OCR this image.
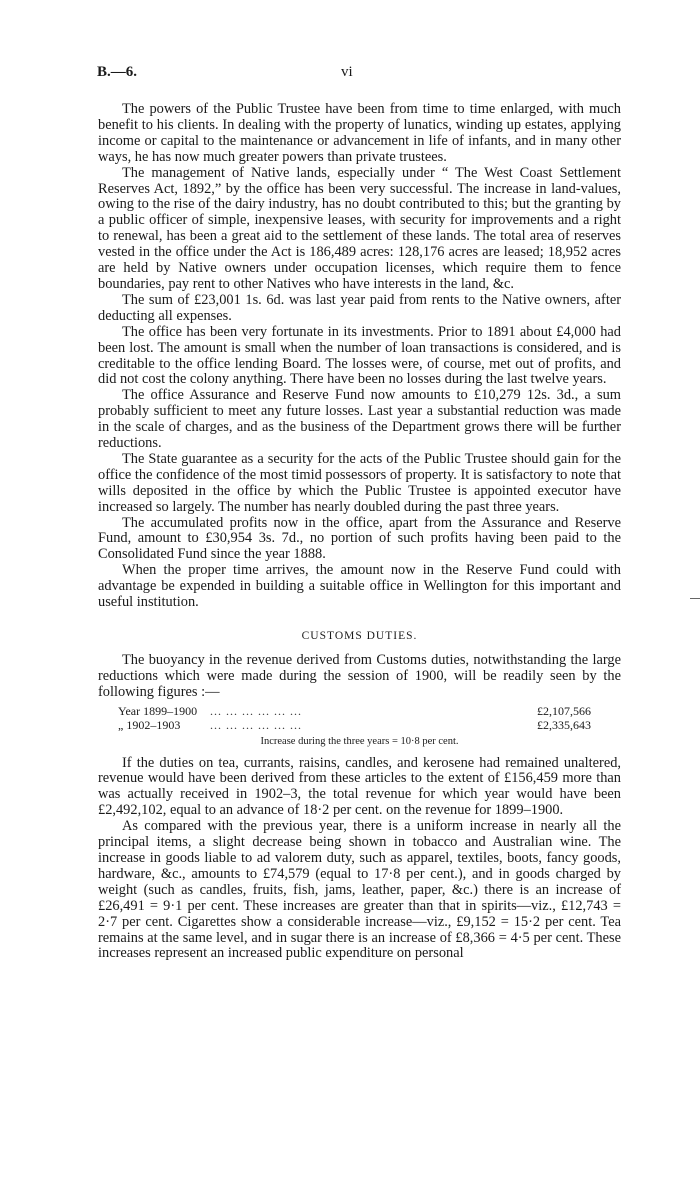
B.—6.	vi

The powers of the Public Trustee have been from time to time enlarged, with much benefit to his clients. In dealing with the property of lunatics, winding up estates, applying income or capital to the maintenance or advancement in life of infants, and in many other ways, he has now much greater powers than private trustees.

The management of Native lands, especially under “ The West Coast Settlement Reserves Act, 1892,” by the office has been very successful. The increase in land-values, owing to the rise of the dairy industry, has no doubt contributed to this; but the granting by a public officer of simple, inexpensive leases, with security for improvements and a right to renewal, has been a great aid to the settlement of these lands. The total area of reserves vested in the office under the Act is 186,489 acres: 128,176 acres are leased; 18,952 acres are held by Native owners under occupation licenses, which require them to fence boundaries, pay rent to other Natives who have interests in the land, &c.

The sum of £23,001 1s. 6d. was last year paid from rents to the Native owners, after deducting all expenses.

The office has been very fortunate in its investments. Prior to 1891 about £4,000 had been lost. The amount is small when the number of loan transactions is considered, and is creditable to the office lending Board. The losses were, of course, met out of profits, and did not cost the colony anything. There have been no losses during the last twelve years.

The office Assurance and Reserve Fund now amounts to £10,279 12s. 3d., a sum probably sufficient to meet any future losses. Last year a substantial reduction was made in the scale of charges, and as the business of the Department grows there will be further reductions.

The State guarantee as a security for the acts of the Public Trustee should gain for the office the confidence of the most timid possessors of property. It is satisfactory to note that wills deposited in the office by which the Public Trustee is appointed executor have increased so largely. The number has nearly doubled during the past three years.

The accumulated profits now in the office, apart from the Assurance and Reserve Fund, amount to £30,954 3s. 7d., no portion of such profits having been paid to the Consolidated Fund since the year 1888.

When the proper time arrives, the amount now in the Reserve Fund could with advantage be expended in building a suitable office in Wellington for this important and useful institution.

CUSTOMS DUTIES.

The buoyancy in the revenue derived from Customs duties, notwithstanding the large reductions which were made during the session of 1900, will be readily seen by the following figures :—

Year 1899–1900 ... ... ... ... ... ...	£2,107,566
„ 1902–1903 ... ... ... ... ... ...	£2,335,643
Increase during the three years = 10·8 per cent.

If the duties on tea, currants, raisins, candles, and kerosene had remained unaltered, revenue would have been derived from these articles to the extent of £156,459 more than was actually received in 1902–3, the total revenue for which year would have been £2,492,102, equal to an advance of 18·2 per cent. on the revenue for 1899–1900.

As compared with the previous year, there is a uniform increase in nearly all the principal items, a slight decrease being shown in tobacco and Australian wine. The increase in goods liable to ad valorem duty, such as apparel, textiles, boots, fancy goods, hardware, &c., amounts to £74,579 (equal to 17·8 per cent.), and in goods charged by weight (such as candles, fruits, fish, jams, leather, paper, &c.) there is an increase of £26,491 = 9·1 per cent. These increases are greater than that in spirits—viz., £12,743 = 2·7 per cent. Cigarettes show a considerable increase—viz., £9,152 = 15·2 per cent. Tea remains at the same level, and in sugar there is an increase of £8,366 = 4·5 per cent. These increases represent an increased public expenditure on personal
